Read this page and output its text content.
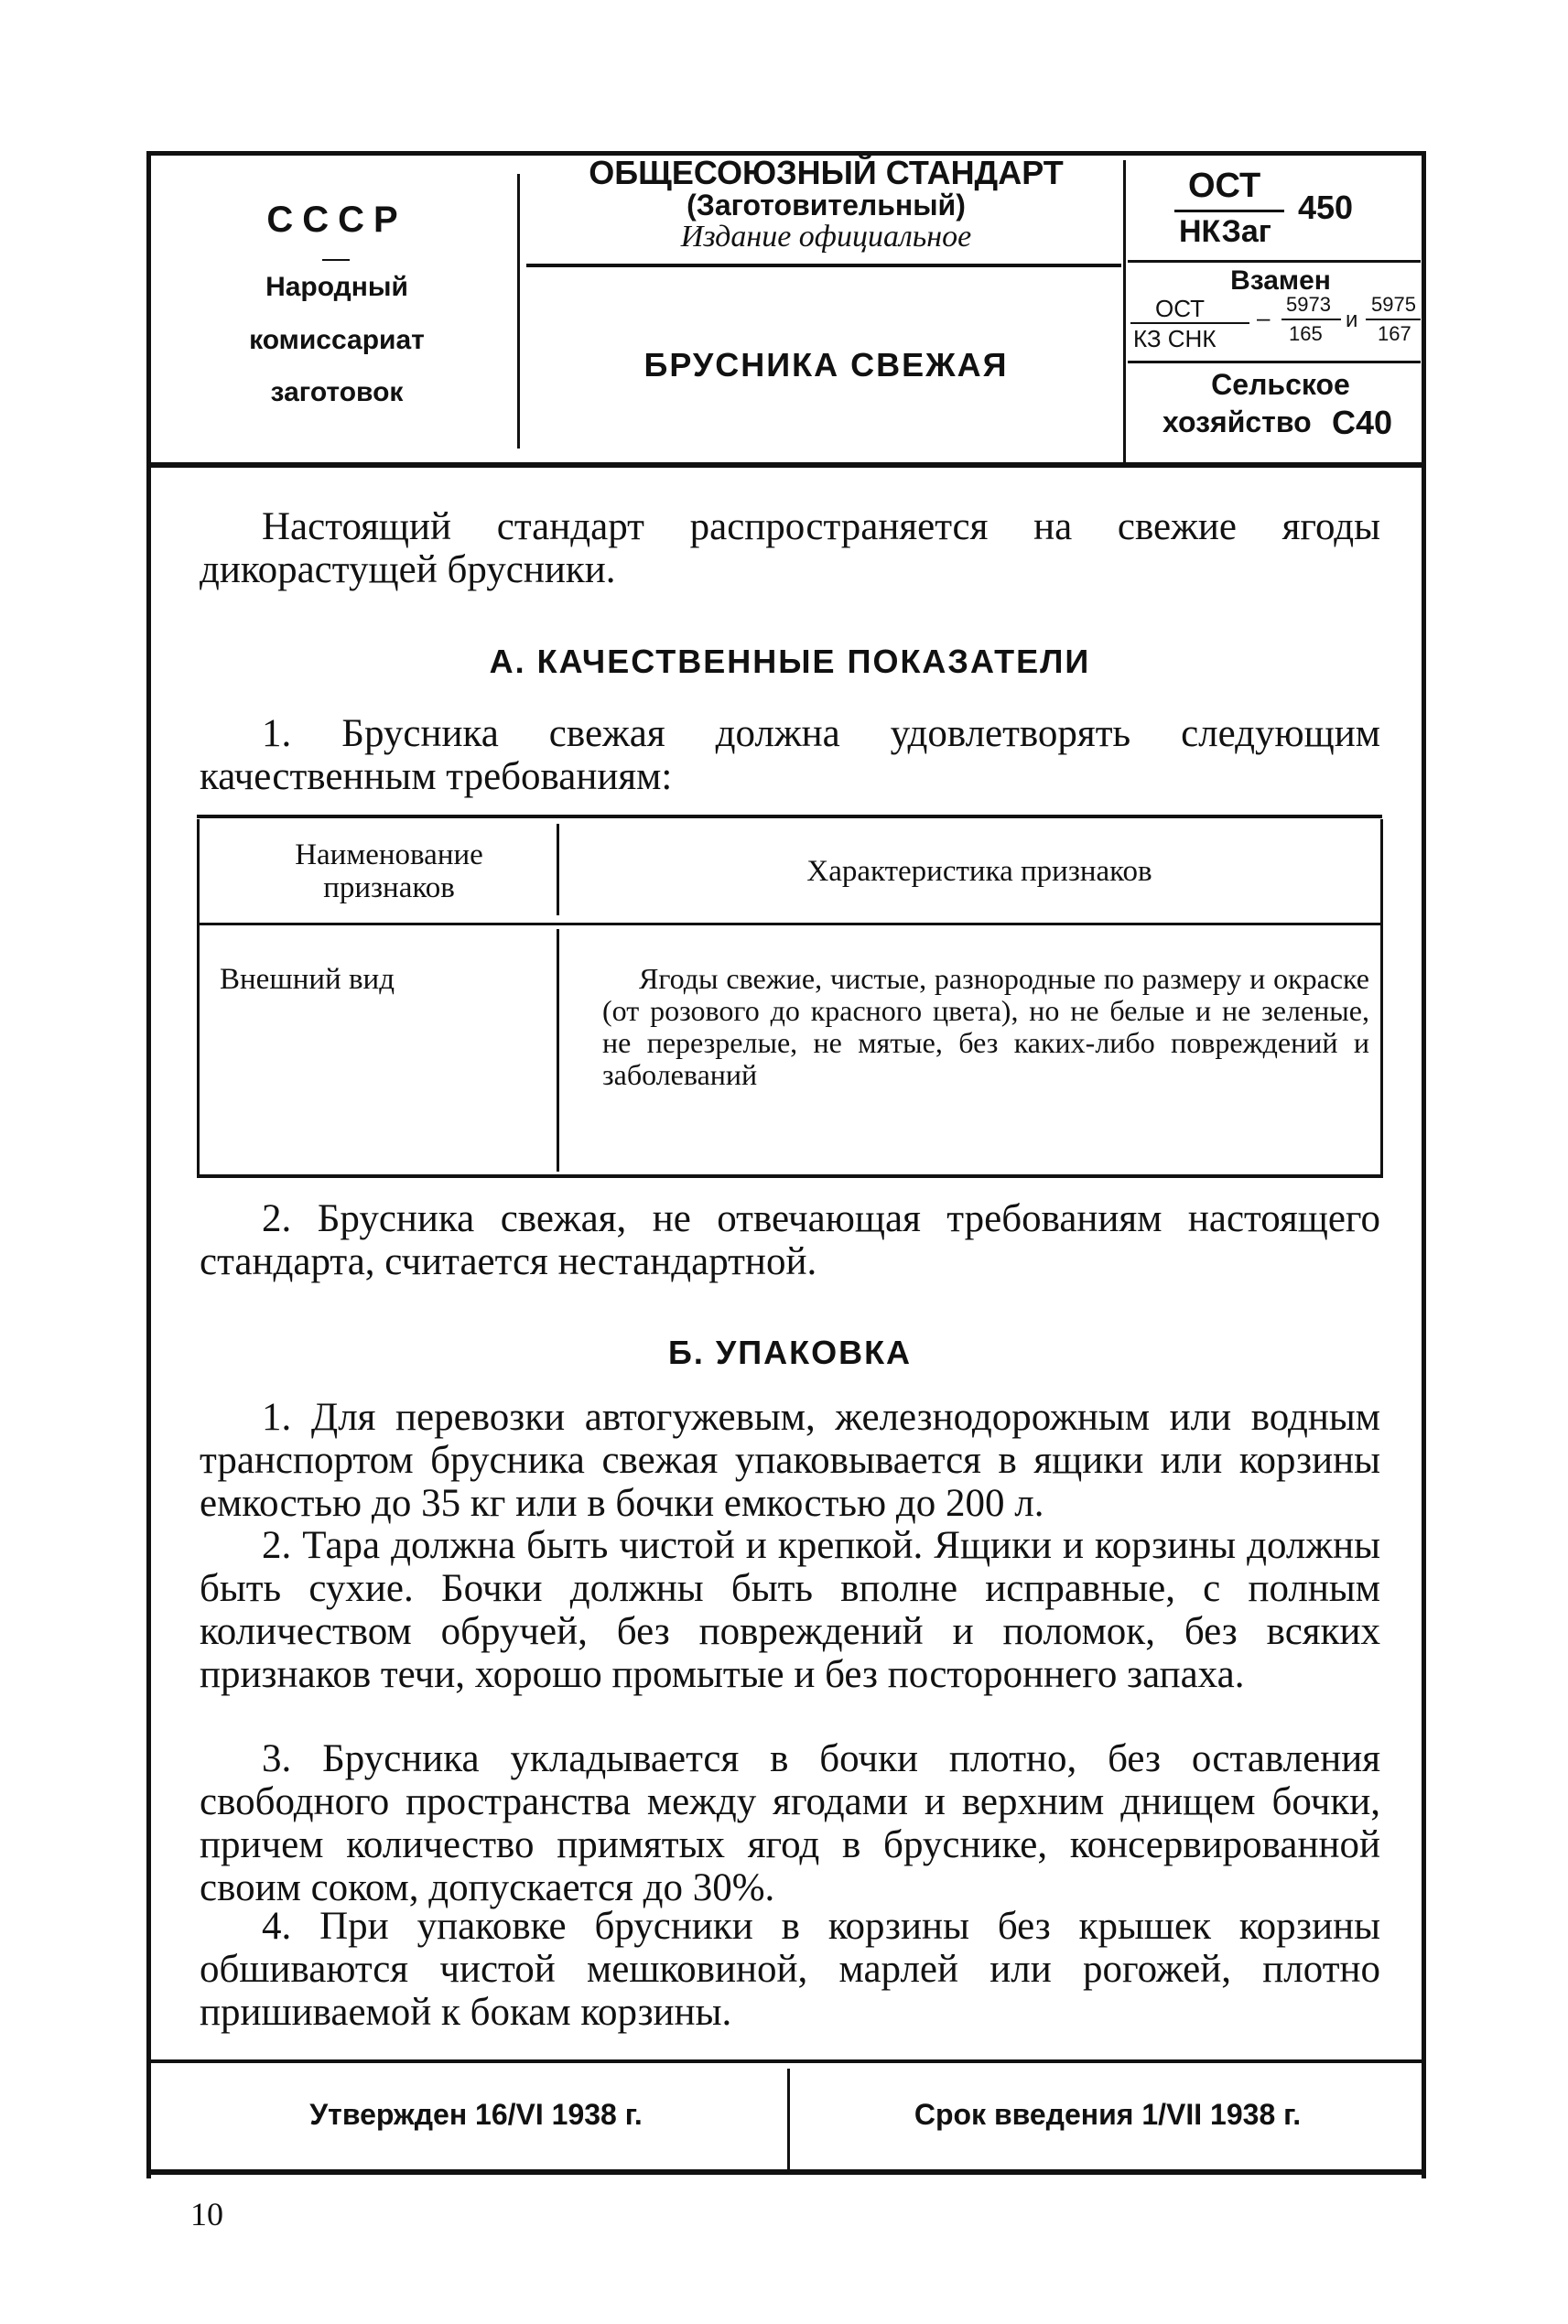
СССР
Народный
комиссариат
заготовок
ОБЩЕСОЮЗНЫЙ СТАНДАРТ
(Заготовительный)
Издание официальное
БРУСНИКА СВЕЖАЯ
ОСТ
НКЗаг
450
Взамен
ОСТ
КЗ СНК
– 5973
165
и
5975
167
Сельское
хозяйство С40
Настоящий стандарт распространяется на свежие ягоды дикорастущей брусники.
А. КАЧЕСТВЕННЫЕ ПОКАЗАТЕЛИ
1. Брусника свежая должна удовлетворять следующим качественным требованиям:
Наименование признаков	Характеристика признаков
Внешний вид	Ягоды свежие, чистые, разнородные по размеру и окраске (от розового до красного цвета), но не белые и не зеленые, не перезрелые, не мятые, без каких-либо повреждений и заболеваний
2. Брусника свежая, не отвечающая требованиям настоящего стандарта, считается нестандартной.
Б. УПАКОВКА
1. Для перевозки автогужевым, железнодорожным или водным транспортом брусника свежая упаковывается в ящики или корзины емкостью до 35 кг или в бочки емкостью до 200 л.
2. Тара должна быть чистой и крепкой. Ящики и корзины должны быть сухие. Бочки должны быть вполне исправные, с полным количеством обручей, без повреждений и поломок, без всяких признаков течи, хорошо промытые и без постороннего запаха.
3. Брусника укладывается в бочки плотно, без оставления свободного пространства между ягодами и верхним днищем бочки, причем количество примятых ягод в бруснике, консервированной своим соком, допускается до 30%.
4. При упаковке брусники в корзины без крышек корзины обшиваются чистой мешковиной, марлей или рогожей, плотно пришиваемой к бокам корзины.
Утвержден 16/VI 1938 г.	Срок введения 1/VII 1938 г.
10
